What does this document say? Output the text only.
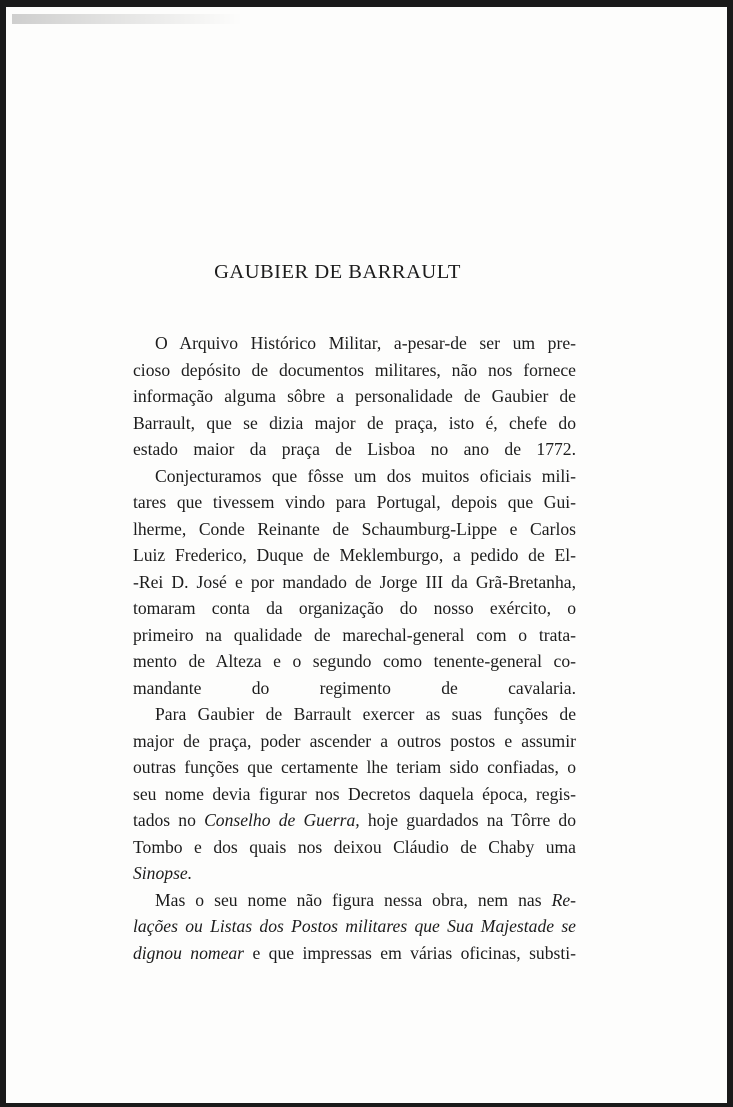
GAUBIER DE BARRAULT

O Arquivo Histórico Militar, a-pesar-de ser um pre-
cioso depósito de documentos militares, não nos fornece
informação alguma sôbre a personalidade de Gaubier de
Barrault, que se dizia major de praça, isto é, chefe do
estado maior da praça de Lisboa no ano de 1772.

Conjecturamos que fôsse um dos muitos oficiais mili-
tares que tivessem vindo para Portugal, depois que Gui-
lherme, Conde Reinante de Schaumburg-Lippe e Carlos
Luiz Frederico, Duque de Meklemburgo, a pedido de El-
-Rei D. José e por mandado de Jorge III da Grã-Bretanha,
tomaram conta da organização do nosso exército, o
primeiro na qualidade de marechal-general com o trata-
mento de Alteza e o segundo como tenente-general co-
mandante do regimento de cavalaria.

Para Gaubier de Barrault exercer as suas funções de
major de praça, poder ascender a outros postos e assumir
outras funções que certamente lhe teriam sido confiadas, o
seu nome devia figurar nos Decretos daquela época, regis-
tados no Conselho de Guerra, hoje guardados na Tôrre do
Tombo e dos quais nos deixou Cláudio de Chaby uma
Sinopse.

Mas o seu nome não figura nessa obra, nem nas Re-
lações ou Listas dos Postos militares que Sua Majestade se
dignou nomear e que impressas em várias oficinas, substi-
